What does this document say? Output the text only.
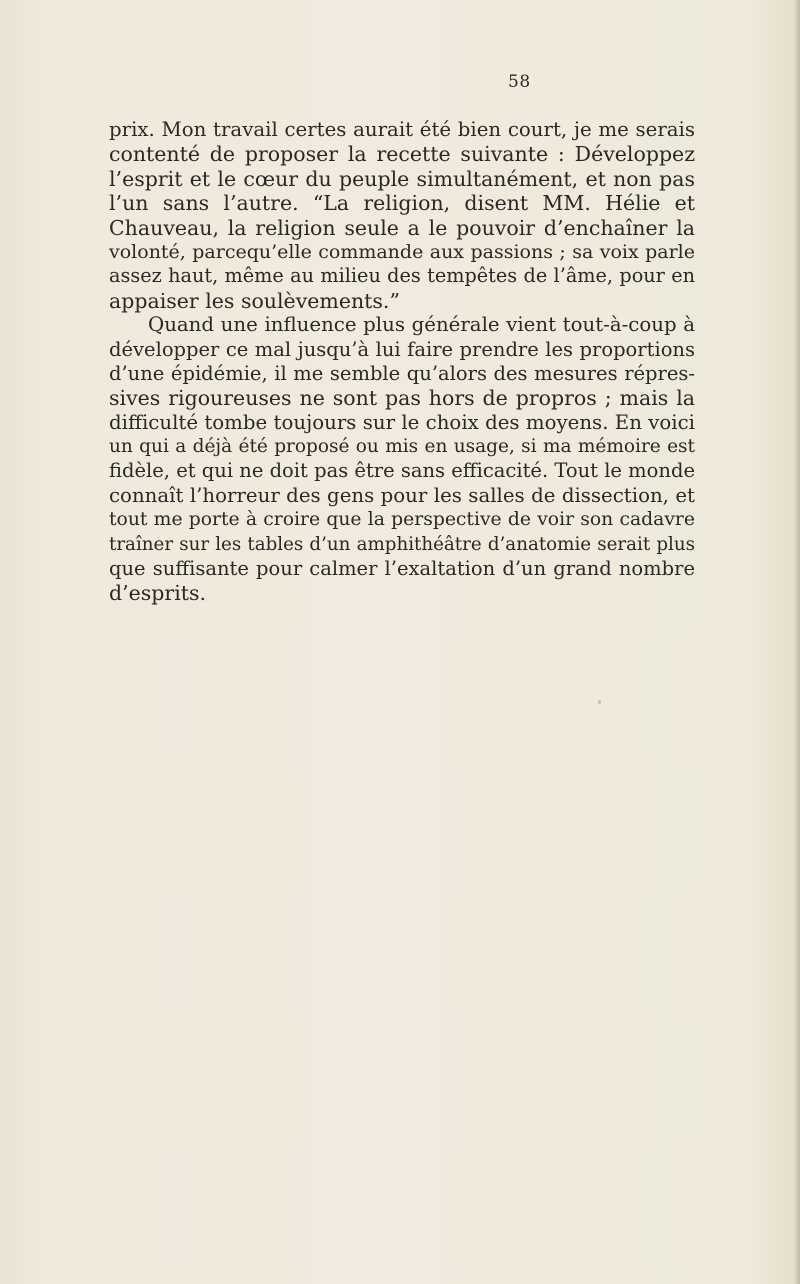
58

prix. Mon travail certes aurait été bien court, je me serais
contenté de proposer la recette suivante : Développez
l’esprit et le cœur du peuple simultanément, et non pas
l’un sans l’autre. “La religion, disent MM. Hélie et
Chauveau, la religion seule a le pouvoir d’enchaîner la
volonté, parcequ’elle commande aux passions ; sa voix parle
assez haut, même au milieu des tempêtes de l’âme, pour en
appaiser les soulèvements.”

Quand une influence plus générale vient tout-à-coup à
développer ce mal jusqu’à lui faire prendre les proportions
d’une épidémie, il me semble qu’alors des mesures répres-
sives rigoureuses ne sont pas hors de propros ; mais la
difficulté tombe toujours sur le choix des moyens. En voici
un qui a déjà été proposé ou mis en usage, si ma mémoire est
fidèle, et qui ne doit pas être sans efficacité. Tout le monde
connaît l’horreur des gens pour les salles de dissection, et
tout me porte à croire que la perspective de voir son cadavre
traîner sur les tables d’un amphithéâtre d’anatomie serait plus
que suffisante pour calmer l’exaltation d’un grand nombre
d’esprits.
